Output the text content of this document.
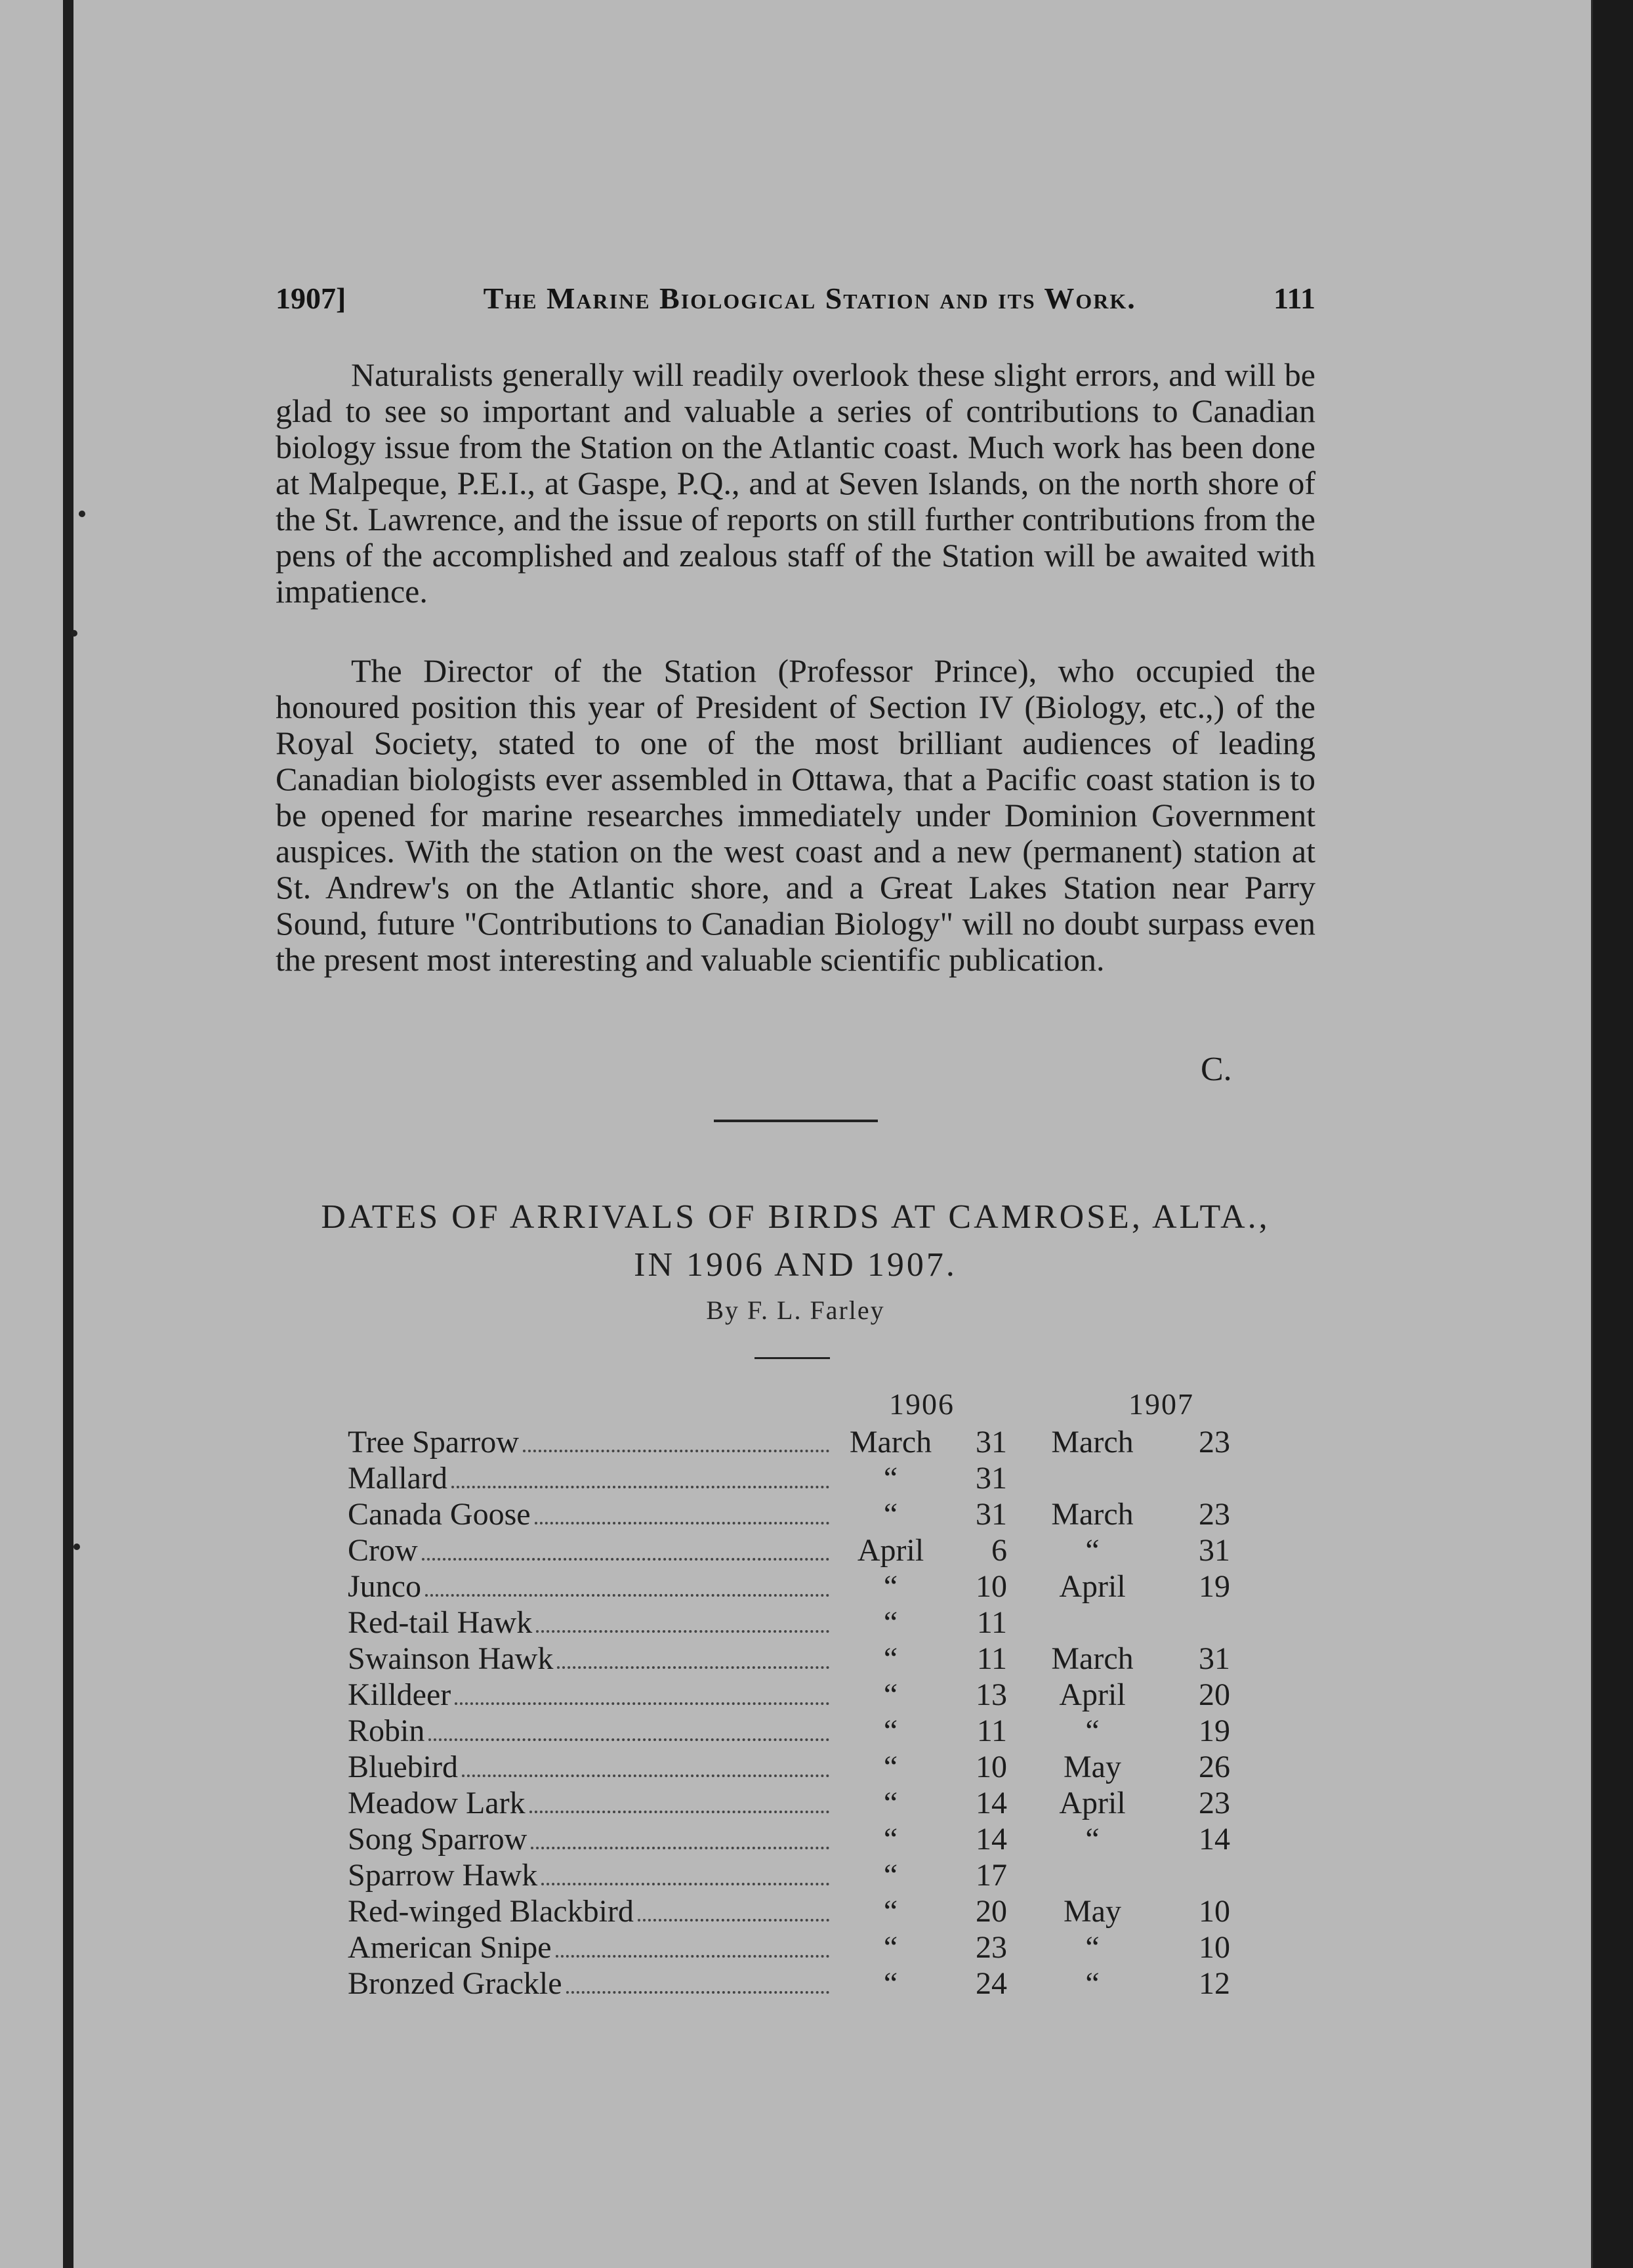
1907]	The Marine Biological Station and its Work.	111

Naturalists generally will readily overlook these slight errors, and will be glad to see so important and valuable a series of contributions to Canadian biology issue from the Station on the Atlantic coast. Much work has been done at Malpeque, P.E.I., at Gaspe, P.Q., and at Seven Islands, on the north shore of the St. Lawrence, and the issue of reports on still further contributions from the pens of the accomplished and zealous staff of the Station will be awaited with impatience.

The Director of the Station (Professor Prince), who occupied the honoured position this year of President of Section IV (Biology, etc.,) of the Royal Society, stated to one of the most brilliant audiences of leading Canadian biologists ever assembled in Ottawa, that a Pacific coast station is to be opened for marine researches immediately under Dominion Government auspices. With the station on the west coast and a new (permanent) station at St. Andrew's on the Atlantic shore, and a Great Lakes Station near Parry Sound, future "Contributions to Canadian Biology" will no doubt surpass even the present most interesting and valuable scientific publication.

C.
DATES OF ARRIVALS OF BIRDS AT CAMROSE, ALTA.,
IN 1906 AND 1907.
By F. L. Farley
1906	1907
Tree Sparrow	March	31	March	23
Mallard	“	31
Canada Goose	“	31	March	23
Crow	April	6	“	31
Junco	“	10	April	19
Red-tail Hawk	“	11
Swainson Hawk	“	11	March	31
Killdeer	“	13	April	20
Robin	“	11	“	19
Bluebird	“	10	May	26
Meadow Lark	“	14	April	23
Song Sparrow	“	14	“	14
Sparrow Hawk	“	17
Red-winged Blackbird	“	20	May	10
American Snipe	“	23	“	10
Bronzed Grackle	“	24	“	12
